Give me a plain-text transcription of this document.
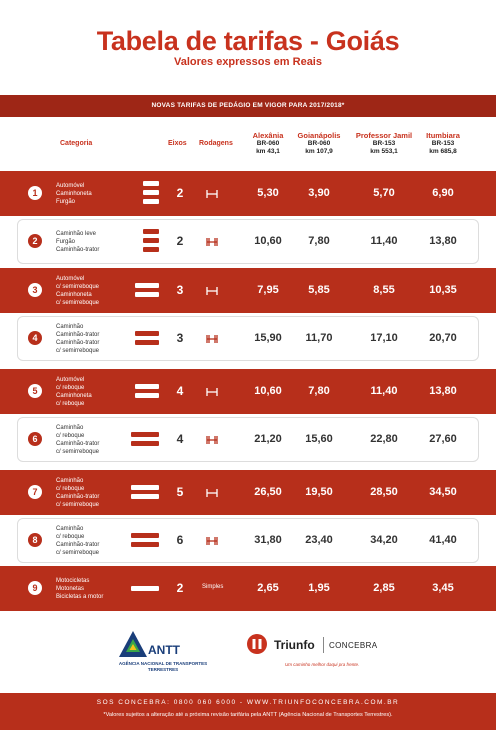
Tabela de tarifas - Goiás
Valores expressos em Reais
NOVAS TARIFAS DE PEDÁGIO EM VIGOR PARA 2017/2018*
Categoria	Eixos Rodagens
Alexânia
BR-060
km 43,1
Goianápolis
BR-060
km 107,9
Professor Jamil
BR-153
km 553,1
Itumbiara
BR-153
km 685,8
1
Automóvel
Caminhoneta
Furgão
2	5,30	3,90	5,70	6,90
2
Caminhão leve
Furgão
Caminhão-trator
2	10,60	7,80	11,40	13,80
3
Automóvel
c/ semirreboque
Caminhoneta
c/ semirreboque
3	7,95	5,85	8,55	10,35
4
Caminhão
Caminhão-trator
Caminhão-trator
c/ semirreboque
3	15,90	11,70	17,10	20,70
5
Automóvel
c/ reboque
Caminhoneta
c/ reboque
4	10,60	7,80	11,40	13,80
6
Caminhão
c/ reboque
Caminhão-trator
c/ semirreboque
4	21,20	15,60	22,80	27,60
7
Caminhão
c/ reboque
Caminhão-trator
c/ semirreboque
5	26,50	19,50	28,50	34,50
8
Caminhão
c/ reboque
Caminhão-trator
c/ semirreboque
6	31,80	23,40	34,20	41,40
9
Motocicletas
Motonetas
Bicicletas a motor
2	Simples	2,65	1,95	2,85	3,45
ANTT
AGÊNCIA NACIONAL DE TRANSPORTES TERRESTRES
Triunfo CONCEBRA
Um caminho melhor daqui pra frente.
SOS CONCEBRA: 0800 060 6000 - WWW.TRIUNFOCONCEBRA.COM.BR
*Valores sujeitos a alteração até a próxima revisão tarifária pela ANTT (Agência Nacional de Transportes Terrestres).
